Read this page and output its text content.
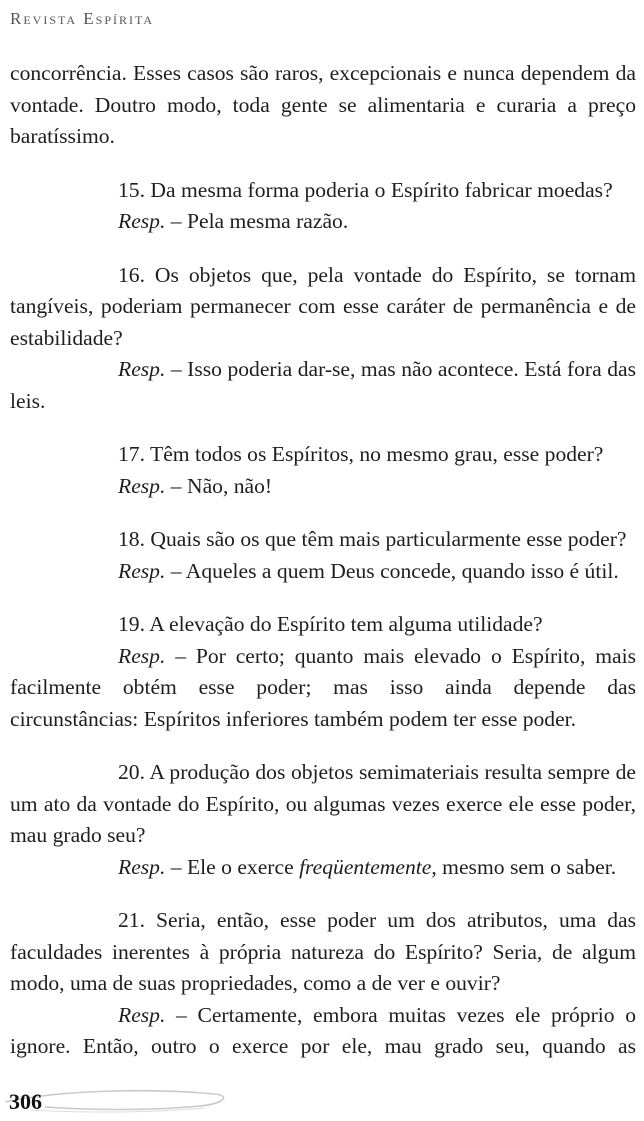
Revista Espírita

concorrência. Esses casos são raros, excepcionais e nunca dependem da vontade. Doutro modo, toda gente se alimentaria e curaria a preço baratíssimo.

15. Da mesma forma poderia o Espírito fabricar moedas?

Resp. – Pela mesma razão.

16. Os objetos que, pela vontade do Espírito, se tornam tangíveis, poderiam permanecer com esse caráter de permanência e de estabilidade?

Resp. – Isso poderia dar-se, mas não acontece. Está fora das leis.

17. Têm todos os Espíritos, no mesmo grau, esse poder?

Resp. – Não, não!

18. Quais são os que têm mais particularmente esse poder?

Resp. – Aqueles a quem Deus concede, quando isso é útil.

19. A elevação do Espírito tem alguma utilidade?

Resp. – Por certo; quanto mais elevado o Espírito, mais facilmente obtém esse poder; mas isso ainda depende das circunstâncias: Espíritos inferiores também podem ter esse poder.

20. A produção dos objetos semimateriais resulta sempre de um ato da vontade do Espírito, ou algumas vezes exerce ele esse poder, mau grado seu?

Resp. – Ele o exerce freqüentemente, mesmo sem o saber.

21. Seria, então, esse poder um dos atributos, uma das faculdades inerentes à própria natureza do Espírito? Seria, de algum modo, uma de suas propriedades, como a de ver e ouvir?

Resp. – Certamente, embora muitas vezes ele próprio o ignore. Então, outro o exerce por ele, mau grado seu, quando as

306
